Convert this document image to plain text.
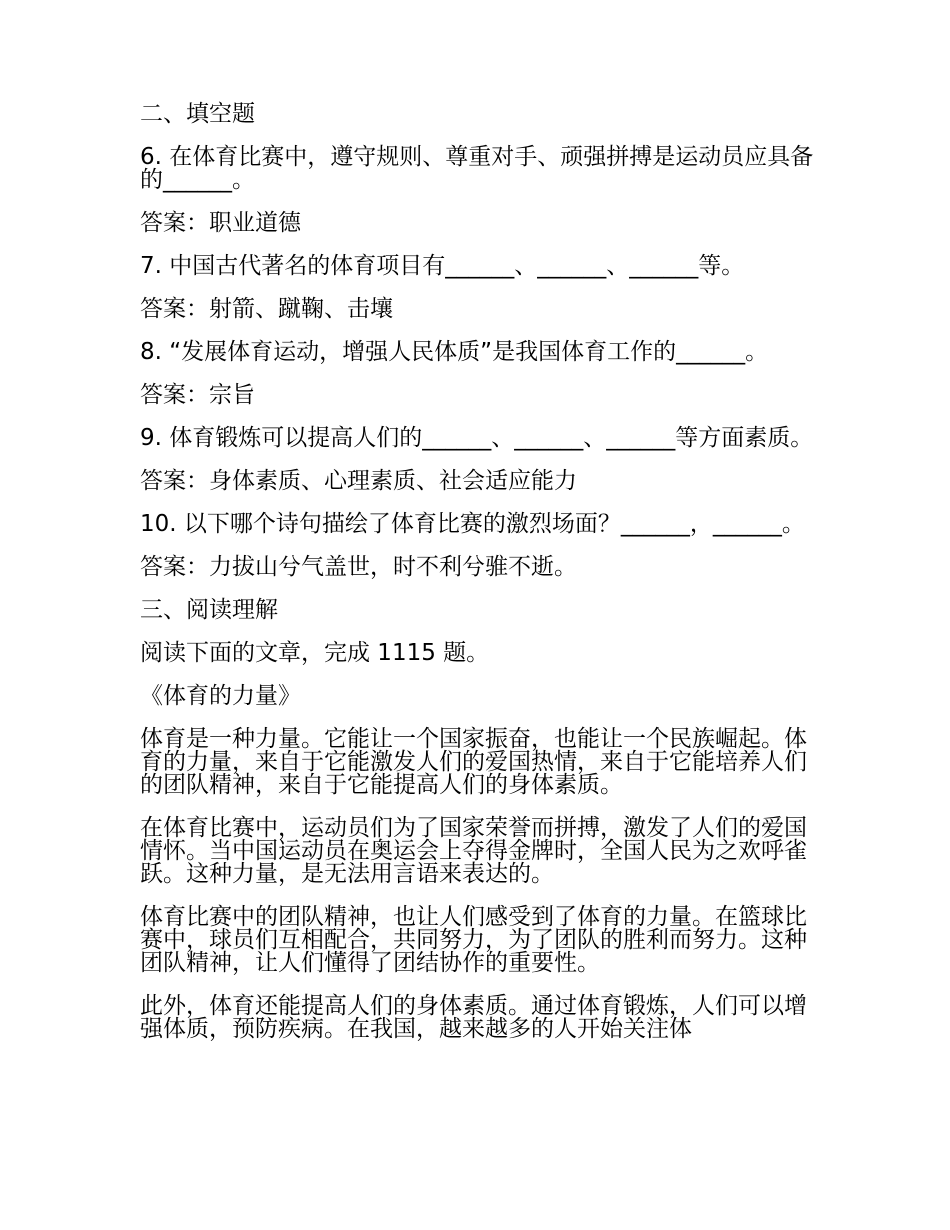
二、填空题
6. 在体育比赛中，遵守规则、尊重对手、顽强拼搏是运动员应具备的______。
答案：职业道德
7. 中国古代著名的体育项目有______、______、______等。
答案：射箭、蹴鞠、击壤
8. “发展体育运动，增强人民体质”是我国体育工作的______。
答案：宗旨
9. 体育锻炼可以提高人们的______、______、______等方面素质。
答案：身体素质、心理素质、社会适应能力
10. 以下哪个诗句描绘了体育比赛的激烈场面？______，______。
答案：力拔山兮气盖世，时不利兮骓不逝。
三、阅读理解
阅读下面的文章，完成 1115 题。
《体育的力量》
体育是一种力量。它能让一个国家振奋，也能让一个民族崛起。体育的力量，来自于它能激发人们的爱国热情，来自于它能培养人们的团队精神，来自于它能提高人们的身体素质。
在体育比赛中，运动员们为了国家荣誉而拼搏，激发了人们的爱国情怀。当中国运动员在奥运会上夺得金牌时，全国人民为之欢呼雀跃。这种力量，是无法用言语来表达的。
体育比赛中的团队精神，也让人们感受到了体育的力量。在篮球比赛中，球员们互相配合，共同努力，为了团队的胜利而努力。这种团队精神，让人们懂得了团结协作的重要性。
此外，体育还能提高人们的身体素质。通过体育锻炼，人们可以增强体质，预防疾病。在我国，越来越多的人开始关注体
